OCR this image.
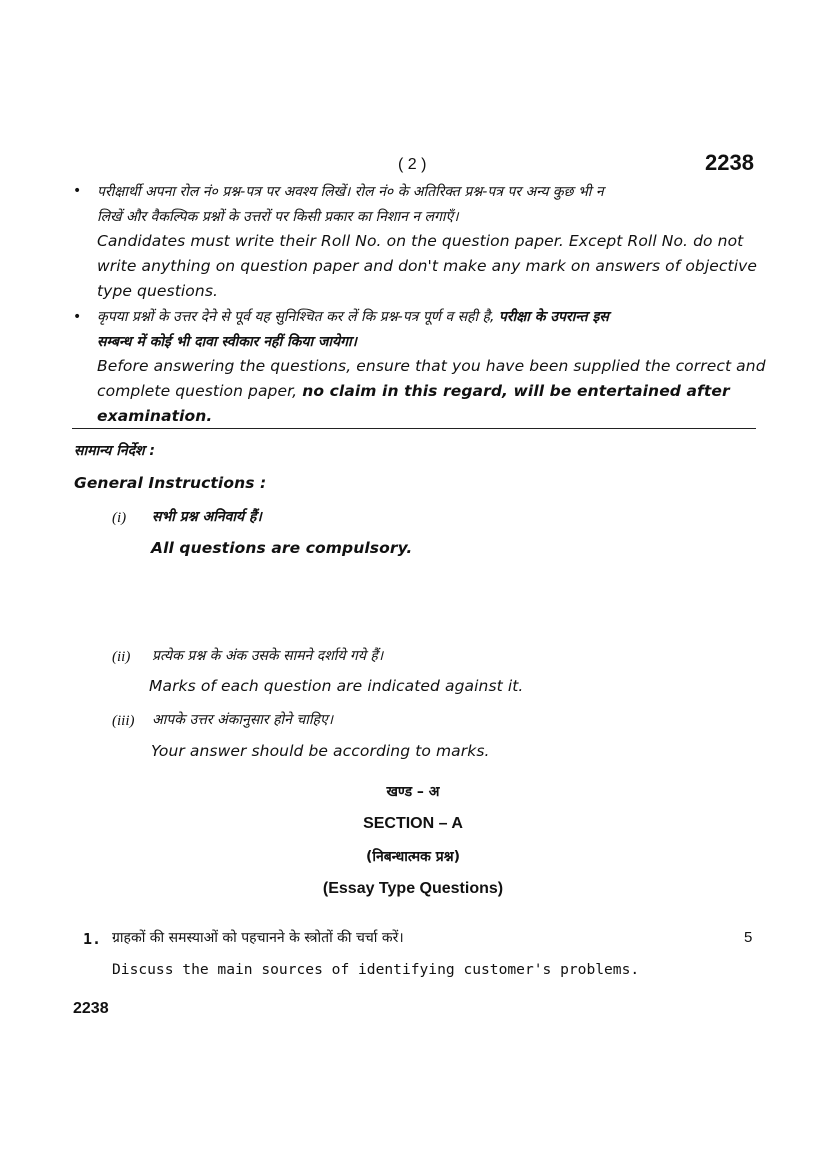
( 2 )	2238
• परीक्षार्थी अपना रोल नं० प्रश्न-पत्र पर अवश्य लिखें। रोल नं० के अतिरिक्त प्रश्न-पत्र पर अन्य कुछ भी न
लिखें और वैकल्पिक प्रश्नों के उत्तरों पर किसी प्रकार का निशान न लगाएँ।
Candidates must write their Roll No. on the question paper. Except Roll No. do not
write anything on question paper and don't make any mark on answers of objective
type questions.
• कृपया प्रश्नों के उत्तर देने से पूर्व यह सुनिश्चित कर लें कि प्रश्न-पत्र पूर्ण व सही है, परीक्षा के उपरान्त इस
सम्बन्ध में कोई भी दावा स्वीकार नहीं किया जायेगा।
Before answering the questions, ensure that you have been supplied the correct and
complete question paper, no claim in this regard, will be entertained after
examination.
सामान्य निर्देश :
General Instructions :
(i) सभी प्रश्न अनिवार्य हैं।
All questions are compulsory.
(ii) प्रत्येक प्रश्न के अंक उसके सामने दर्शाये गये हैं।
Marks of each question are indicated against it.
(iii) आपके उत्तर अंकानुसार होने चाहिए।
Your answer should be according to marks.
खण्ड – अ
SECTION – A
(निबन्धात्मक प्रश्न)
(Essay Type Questions)
1. ग्राहकों की समस्याओं को पहचानने के स्त्रोतों की चर्चा करें।	5
Discuss the main sources of identifying customer's problems.
2238
